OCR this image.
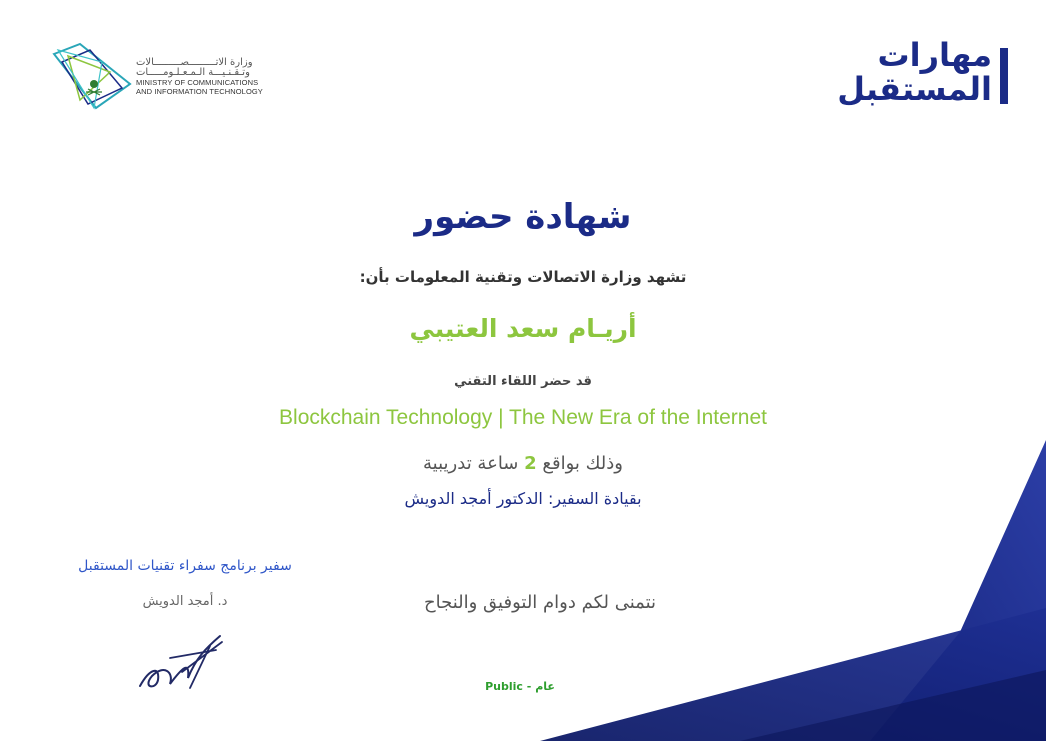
وزارة الاتـــــــــصـــــــــالات
وتـقـنـيـــة الـمـعـلـومـــــات
MINISTRY OF COMMUNICATIONS
AND INFORMATION TECHNOLOGY
مهارات
المستقبل
شهادة حضور
تشهد وزارة الاتصالات وتقنية المعلومات بأن:
أريـام سعد العتيبي
قد حضر اللقاء التقني
Blockchain Technology | The New Era of the Internet
وذلك بواقع 2 ساعة تدريبية
بقيادة السفير: الدكتور أمجد الدويش
نتمنى لكم دوام التوفيق والنجاح
سفير برنامج سفراء تقنيات المستقبل
د. أمجد الدويش
Public - عام
